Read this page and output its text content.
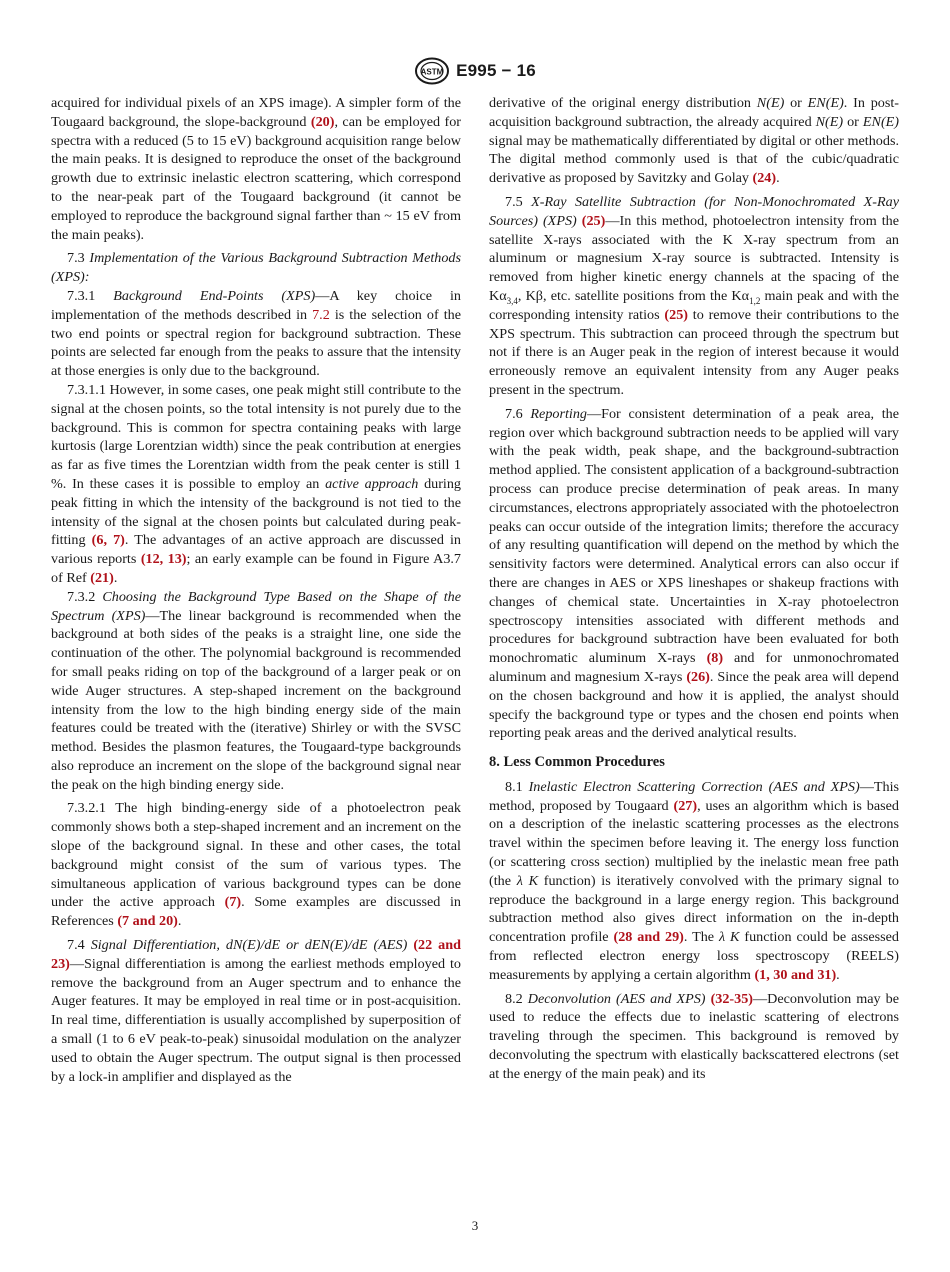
ASTM E995 − 16

acquired for individual pixels of an XPS image). A simpler form of the Tougaard background, the slope-background (20), can be employed for spectra with a reduced (5 to 15 eV) background acquisition range below the main peaks. It is designed to reproduce the onset of the background growth due to extrinsic inelastic electron scattering, which correspond to the near-peak part of the Tougaard background (it cannot be employed to reproduce the background signal farther than ~ 15 eV from the main peaks).

7.3 Implementation of the Various Background Subtraction Methods (XPS):

7.3.1 Background End-Points (XPS)—A key choice in implementation of the methods described in 7.2 is the selection of the two end points or spectral region for background subtraction. These points are selected far enough from the peaks to assure that the intensity at those energies is only due to the background.

7.3.1.1 However, in some cases, one peak might still contribute to the signal at the chosen points, so the total intensity is not purely due to the background. This is common for spectra containing peaks with large kurtosis (large Lorentzian width) since the peak contribution at energies as far as five times the Lorentzian width from the peak center is still 1 %. In these cases it is possible to employ an active approach during peak fitting in which the intensity of the background is not tied to the intensity of the signal at the chosen points but calculated during peak-fitting (6, 7). The advantages of an active approach are discussed in various reports (12, 13); an early example can be found in Figure A3.7 of Ref (21).

7.3.2 Choosing the Background Type Based on the Shape of the Spectrum (XPS)—The linear background is recommended when the background at both sides of the peaks is a straight line, one side the continuation of the other. The polynomial background is recommended for small peaks riding on top of the background of a larger peak or on wide Auger structures. A step-shaped increment on the background intensity from the low to the high binding energy side of the main features could be treated with the (iterative) Shirley or with the SVSC method. Besides the plasmon features, the Tougaard-type backgrounds also reproduce an increment on the slope of the background signal near the peak on the high binding energy side.

7.3.2.1 The high binding-energy side of a photoelectron peak commonly shows both a step-shaped increment and an increment on the slope of the background signal. In these and other cases, the total background might consist of the sum of various types. The simultaneous application of various background types can be done under the active approach (7). Some examples are discussed in References (7 and 20).

7.4 Signal Differentiation, dN(E)/dE or dEN(E)/dE (AES) (22 and 23)—Signal differentiation is among the earliest methods employed to remove the background from an Auger spectrum and to enhance the Auger features. It may be employed in real time or in post-acquisition. In real time, differentiation is usually accomplished by superposition of a small (1 to 6 eV peak-to-peak) sinusoidal modulation on the analyzer used to obtain the Auger spectrum. The output signal is then processed by a lock-in amplifier and displayed as the

derivative of the original energy distribution N(E) or EN(E). In post-acquisition background subtraction, the already acquired N(E) or EN(E) signal may be mathematically differentiated by digital or other methods. The digital method commonly used is that of the cubic/quadratic derivative as proposed by Savitzky and Golay (24).

7.5 X-Ray Satellite Subtraction (for Non-Monochromated X-Ray Sources) (XPS) (25)—In this method, photoelectron intensity from the satellite X-rays associated with the K X-ray spectrum from an aluminum or magnesium X-ray source is subtracted. Intensity is removed from higher kinetic energy channels at the spacing of the $K\alpha_{3,4}$, Kβ, etc. satellite positions from the $K\alpha_{1,2}$ main peak and with the corresponding intensity ratios (25) to remove their contributions to the XPS spectrum. This subtraction can proceed through the spectrum but not if there is an Auger peak in the region of interest because it would erroneously remove an equivalent intensity from any Auger peaks present in the spectrum.

7.6 Reporting—For consistent determination of a peak area, the region over which background subtraction needs to be applied will vary with the peak width, peak shape, and the background-subtraction method applied. The consistent application of a background-subtraction process can produce precise determination of peak areas. In many circumstances, electrons appropriately associated with the photoelectron peaks can occur outside of the integration limits; therefore the accuracy of any resulting quantification will depend on the method by which the sensitivity factors were determined. Analytical errors can also occur if there are changes in AES or XPS lineshapes or shakeup fractions with changes of chemical state. Uncertainties in X-ray photoelectron spectroscopy intensities associated with different methods and procedures for background subtraction have been evaluated for both monochromatic aluminum X-rays (8) and for unmonochromated aluminum and magnesium X-rays (26). Since the peak area will depend on the chosen background and how it is applied, the analyst should specify the background type or types and the chosen end points when reporting peak areas and the derived analytical results.

8. Less Common Procedures

8.1 Inelastic Electron Scattering Correction (AES and XPS)—This method, proposed by Tougaard (27), uses an algorithm which is based on a description of the inelastic scattering processes as the electrons travel within the specimen before leaving it. The energy loss function (or scattering cross section) multiplied by the inelastic mean free path (the λ K function) is iteratively convolved with the primary signal to reproduce the background in a large energy region. This background subtraction method also gives direct information on the in-depth concentration profile (28 and 29). The λ K function could be assessed from reflected electron energy loss spectroscopy (REELS) measurements by applying a certain algorithm (1, 30 and 31).

8.2 Deconvolution (AES and XPS) (32-35)—Deconvolution may be used to reduce the effects due to inelastic scattering of electrons traveling through the specimen. This background is removed by deconvoluting the spectrum with elastically backscattered electrons (set at the energy of the main peak) and its

3
